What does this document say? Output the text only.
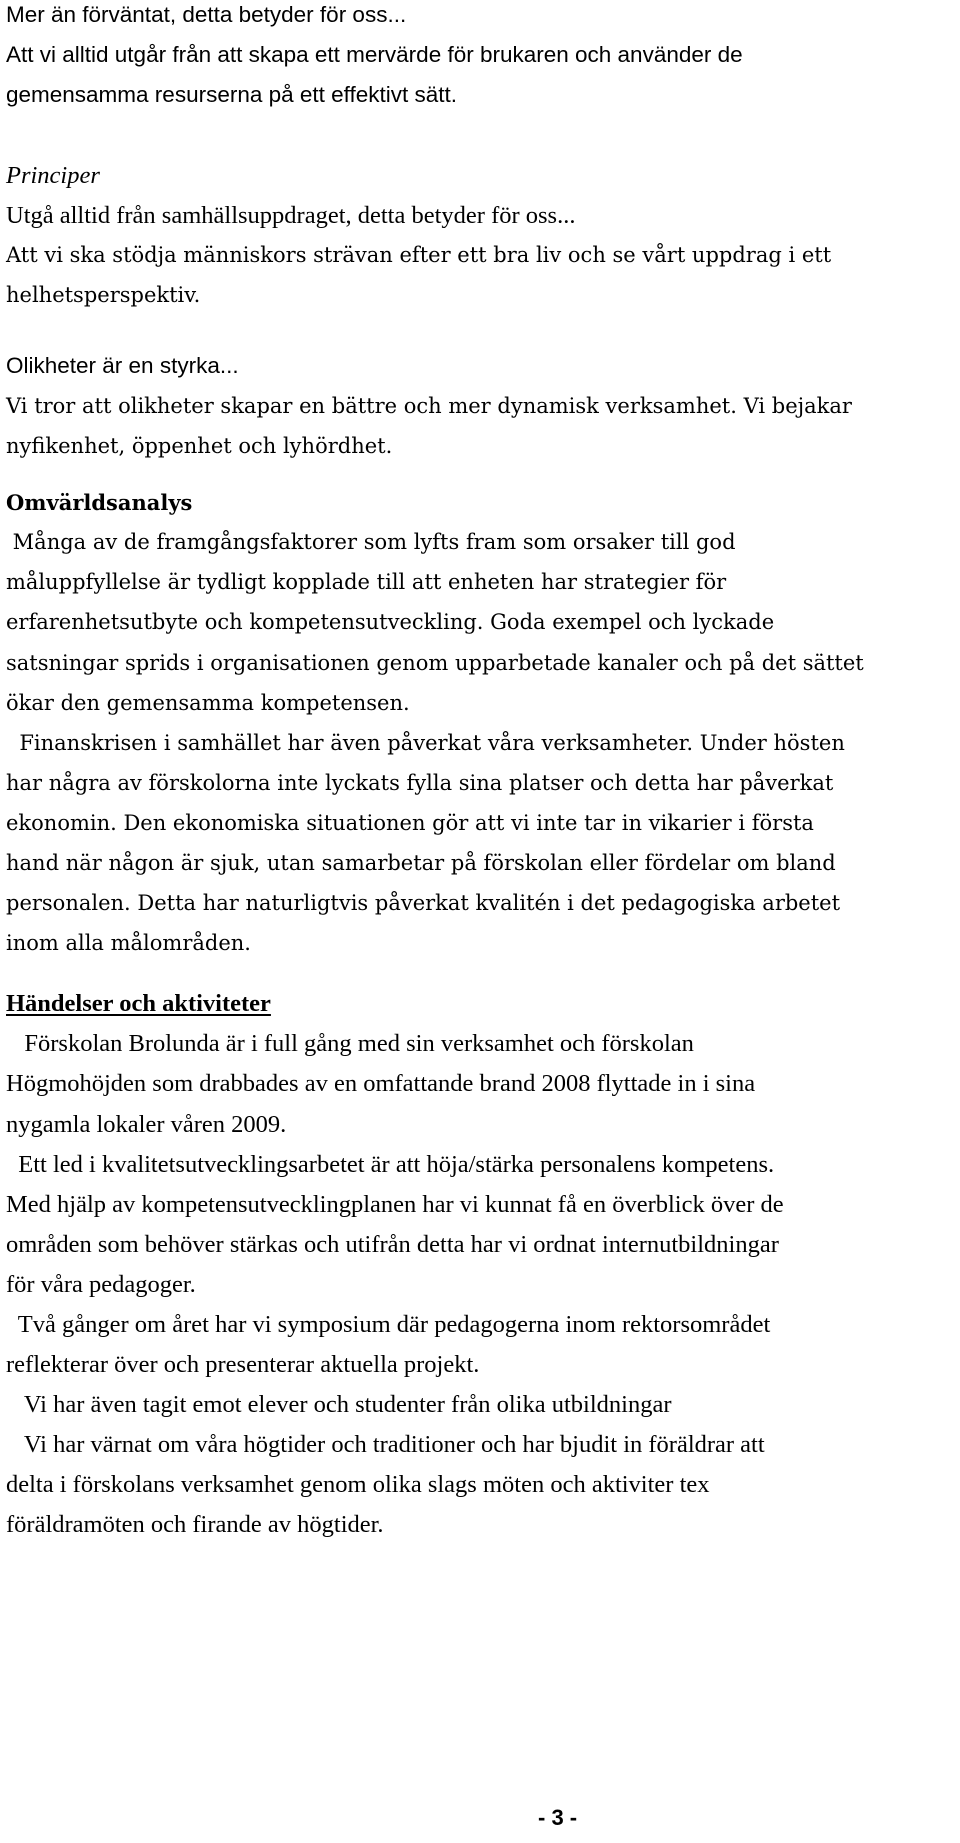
Mer än förväntat, detta betyder för oss...
Att vi alltid utgår från att skapa ett mervärde för brukaren och använder de
gemensamma resurserna på ett effektivt sätt.
Principer
Utgå alltid från samhällsuppdraget, detta betyder för oss...
Att vi ska stödja människors strävan efter ett bra liv och se vårt uppdrag i ett
helhetsperspektiv.
Olikheter är en styrka...
Vi tror att olikheter skapar en bättre och mer dynamisk verksamhet. Vi bejakar
nyfikenhet, öppenhet och lyhördhet.
Omvärldsanalys
Många av de framgångsfaktorer som lyfts fram som orsaker till god
måluppfyllelse är tydligt kopplade till att enheten har strategier för
erfarenhetsutbyte och kompetensutveckling. Goda exempel och lyckade
satsningar sprids i organisationen genom upparbetade kanaler och på det sättet
ökar den gemensamma kompetensen.
Finanskrisen i samhället har även påverkat våra verksamheter. Under hösten
har några av förskolorna inte lyckats fylla sina platser och detta har påverkat
ekonomin. Den ekonomiska situationen gör att vi inte tar in vikarier i första
hand när någon är sjuk, utan samarbetar på förskolan eller fördelar om bland
personalen. Detta har naturligtvis påverkat kvalitén i det pedagogiska arbetet
inom alla målområden.
Händelser och aktiviteter
Förskolan Brolunda är i full gång med sin verksamhet och förskolan
Högmohöjden som drabbades av en omfattande brand 2008 flyttade in i sina
nygamla lokaler våren 2009.
Ett led i kvalitetsutvecklingsarbetet är att höja/stärka personalens kompetens.
Med hjälp av kompetensutvecklingplanen har vi kunnat få en överblick över de
områden som behöver stärkas och utifrån detta har vi ordnat internutbildningar
för våra pedagoger.
Två gånger om året har vi symposium där pedagogerna inom rektorsområdet
reflekterar över och presenterar aktuella projekt.
Vi har även tagit emot elever och studenter från olika utbildningar
Vi har värnat om våra högtider och traditioner och har bjudit in föräldrar att
delta i förskolans verksamhet genom olika slags möten och aktiviter tex
föräldramöten och firande av högtider.
- 3 -
